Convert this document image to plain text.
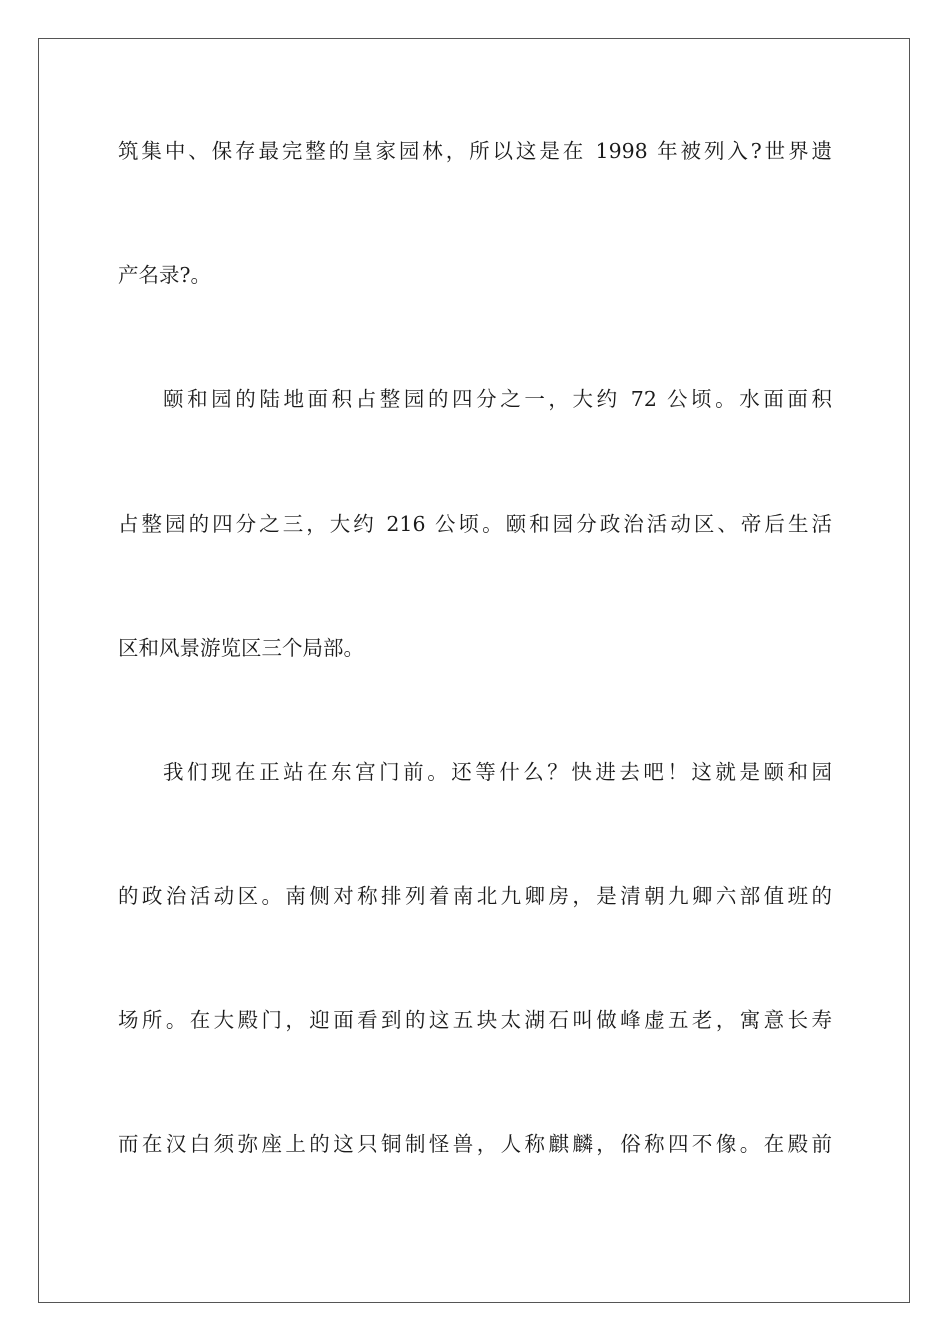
筑集中、保存最完整的皇家园林，所以这是在 1998 年被列入?世界遗
产名录?。
颐和园的陆地面积占整园的四分之一，大约 72 公顷。水面面积
占整园的四分之三，大约 216 公顷。颐和园分政治活动区、帝后生活
区和风景游览区三个局部。
我们现在正站在东宫门前。还等什么？快进去吧！这就是颐和园
的政治活动区。南侧对称排列着南北九卿房，是清朝九卿六部值班的
场所。在大殿门，迎面看到的这五块太湖石叫做峰虚五老，寓意长寿
而在汉白须弥座上的这只铜制怪兽，人称麒麟，俗称四不像。在殿前
